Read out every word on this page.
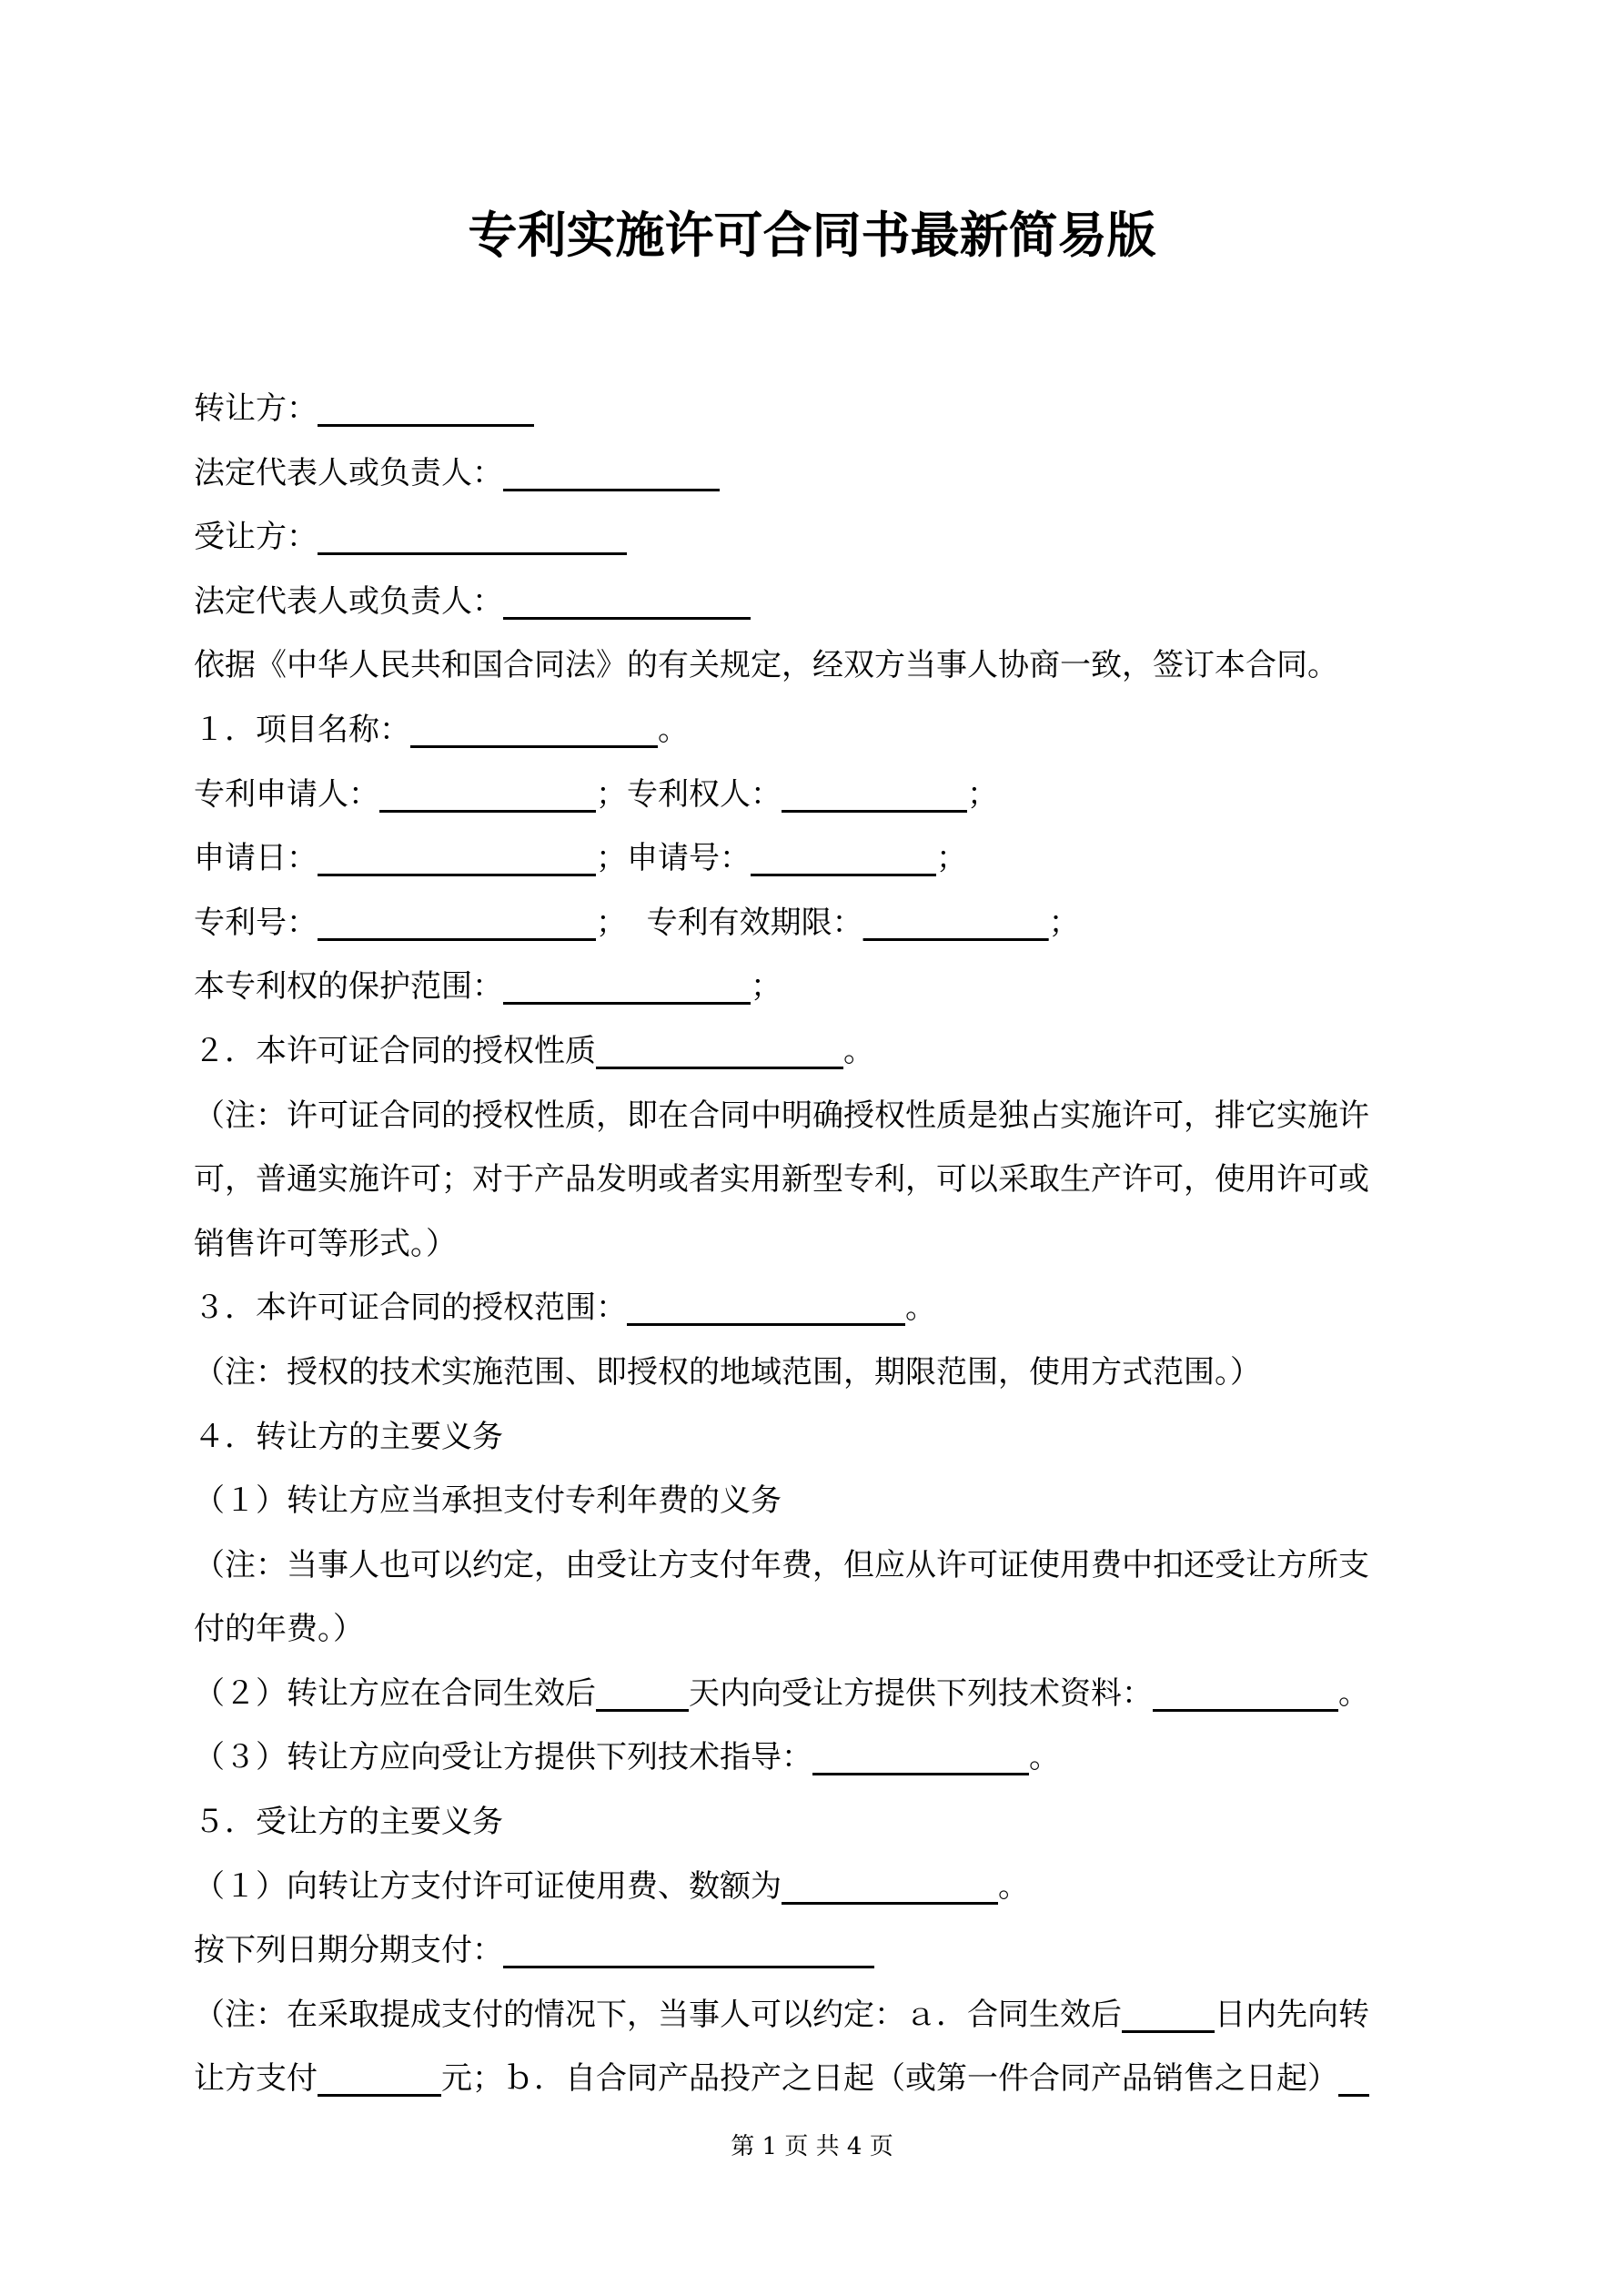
专利实施许可合同书最新简易版
转让方：______________
法定代表人或负责人：______________
受让方：____________________
法定代表人或负责人：________________
依据《中华人民共和国合同法》的有关规定，经双方当事人协商一致，签订本合同。
１．项目名称：________________。
专利申请人：______________；专利权人：____________；
申请日：__________________；申请号：____________；
专利号：__________________；  专利有效期限：____________；
本专利权的保护范围：________________；
２．本许可证合同的授权性质________________。
（注：许可证合同的授权性质，即在合同中明确授权性质是独占实施许可，排它实施许
可，普通实施许可；对于产品发明或者实用新型专利，可以采取生产许可，使用许可或
销售许可等形式。）
３．本许可证合同的授权范围：__________________。
（注：授权的技术实施范围、即授权的地域范围，期限范围，使用方式范围。）
４．转让方的主要义务
（１）转让方应当承担支付专利年费的义务
（注：当事人也可以约定，由受让方支付年费，但应从许可证使用费中扣还受让方所支
付的年费。）
（２）转让方应在合同生效后______天内向受让方提供下列技术资料：____________。
（３）转让方应向受让方提供下列技术指导：______________。
５．受让方的主要义务
（１）向转让方支付许可证使用费、数额为______________。
按下列日期分期支付：________________________
（注：在采取提成支付的情况下，当事人可以约定：ａ．合同生效后______日内先向转
让方支付________元；ｂ．自合同产品投产之日起（或第一件合同产品销售之日起）__
第 1 页 共 4 页
